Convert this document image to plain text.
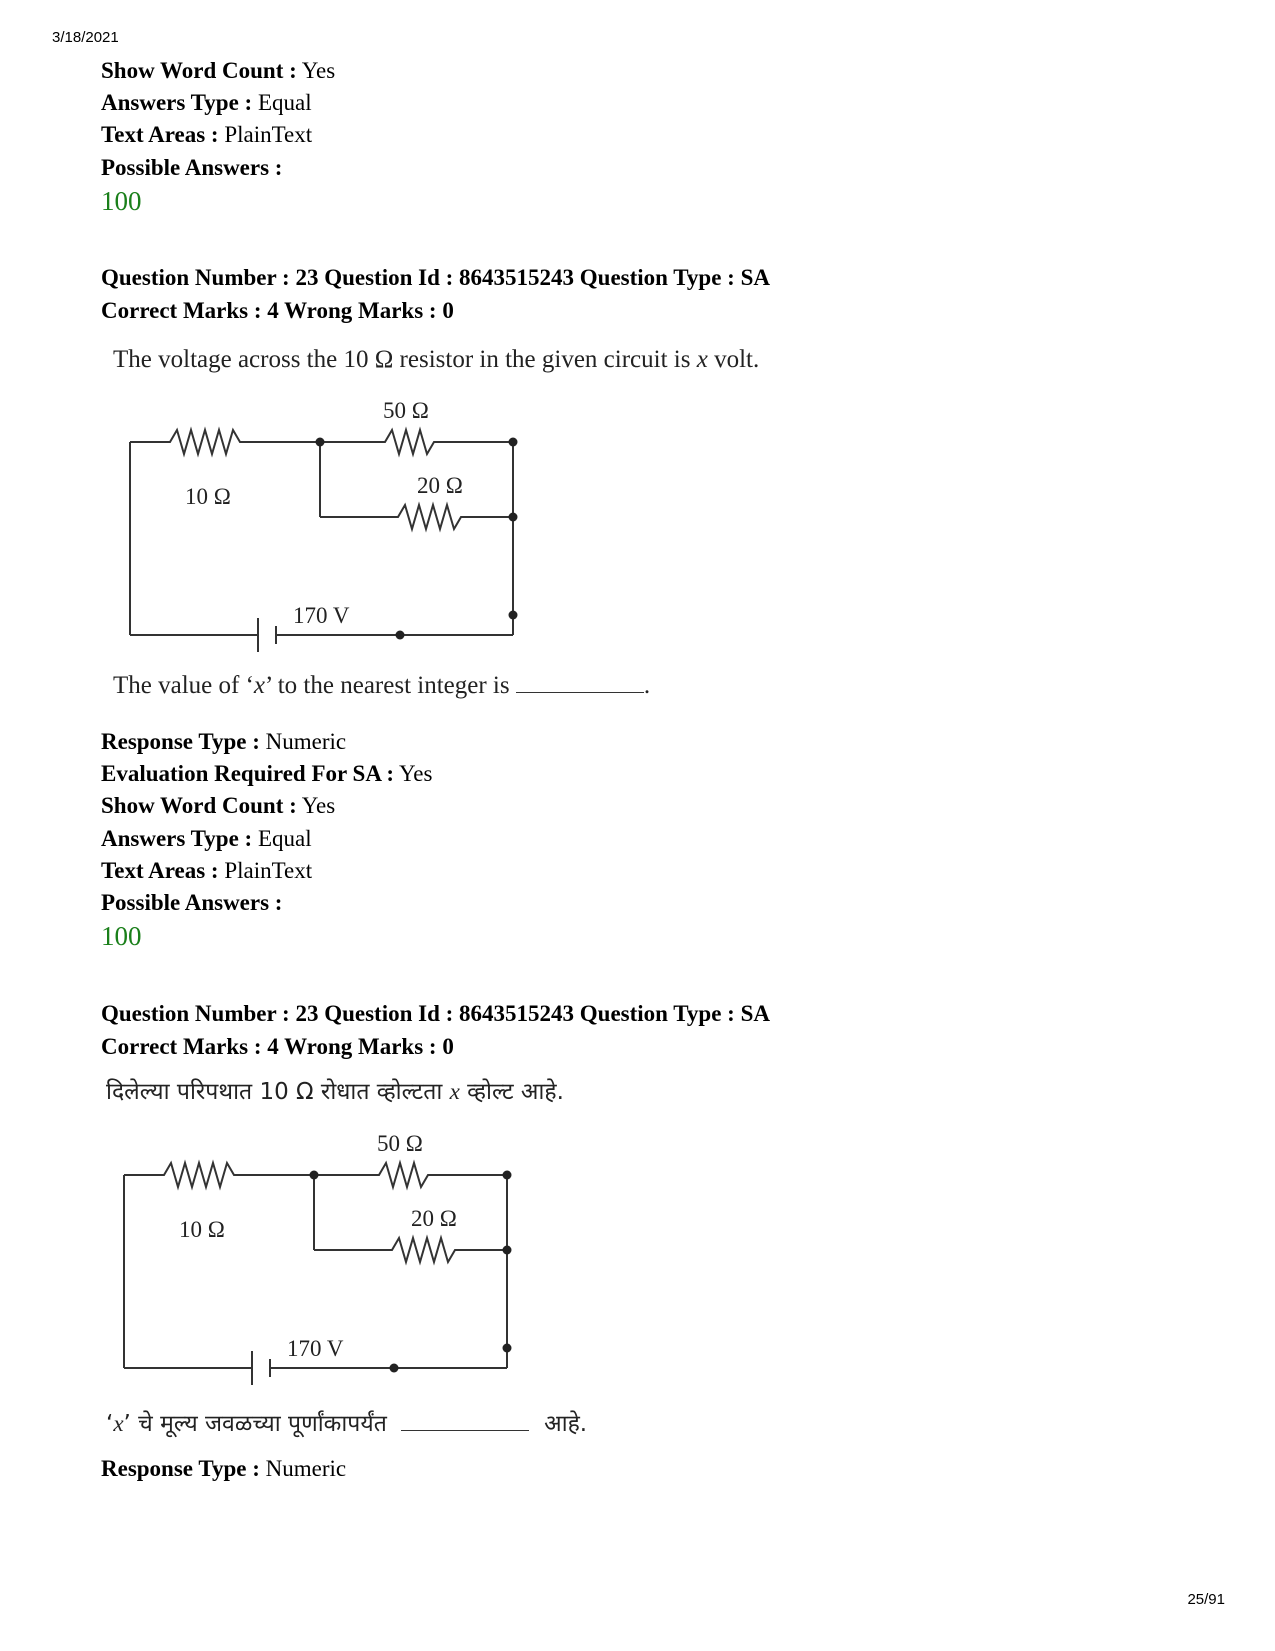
3/18/2021
Show Word Count : Yes
Answers Type : Equal
Text Areas : PlainText
Possible Answers :
100
Question Number : 23 Question Id : 8643515243 Question Type : SA
Correct Marks : 4 Wrong Marks : 0
The voltage across the 10 Ω resistor in the given circuit is x volt.
50 Ω
20 Ω
10 Ω
170 V
The value of ‘x’ to the nearest integer is	.
Response Type : Numeric
Evaluation Required For SA : Yes
Show Word Count : Yes
Answers Type : Equal
Text Areas : PlainText
Possible Answers :
100
Question Number : 23 Question Id : 8643515243 Question Type : SA
Correct Marks : 4 Wrong Marks : 0
दिलेल्या परिपथात 10 Ω रोधात व्होल्टता x व्होल्ट आहे.
50 Ω
20 Ω
10 Ω
170 V
‘x’ चे मूल्य जवळच्या पूर्णांकापर्यंत	आहे.
Response Type : Numeric
25/91
